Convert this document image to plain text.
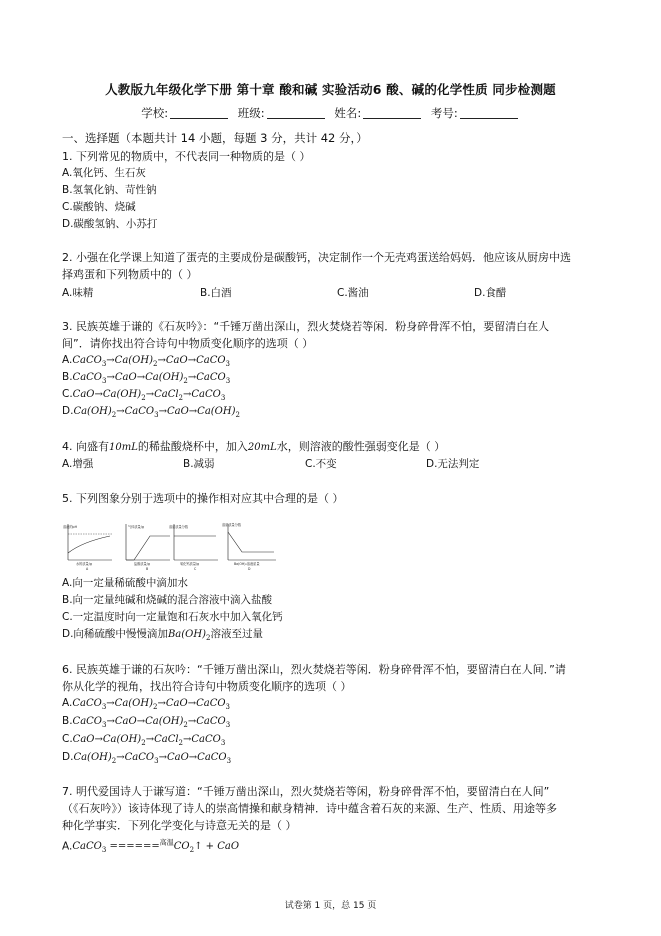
人教版九年级化学下册 第十章 酸和碱 实验活动6 酸、碱的化学性质 同步检测题
学校:	班级:	姓名:	考号:
一、选择题（本题共计 14 小题，每题 3 分，共计 42 分，）
1. 下列常见的物质中，不代表同一种物质的是（ ）
A.氧化钙、生石灰
B.氢氧化钠、苛性钠
C.碳酸钠、烧碱
D.碳酸氢钠、小苏打
2. 小强在化学课上知道了蛋壳的主要成份是碳酸钙，决定制作一个无壳鸡蛋送给妈妈．他应该从厨房中选
择鸡蛋和下列物质中的（ ）
A.味精	B.白酒	C.酱油	D.食醋
3. 民族英雄于谦的《石灰吟》：“千锤万凿出深山，烈火焚烧若等闲．粉身碎骨浑不怕，要留清白在人
间”．请你找出符合诗句中物质变化顺序的选项（ ）
$A.CaCO_3\to Ca(OH)_2\to CaO\to CaCO_3$
$B.CaCO_3\to CaO\to Ca(OH)_2\to CaCO_3$
$C.CaO\to Ca(OH)_2\to CaCl_2\to CaCO_3$
$D.Ca(OH)_2\to CaCO_3\to CaO\to Ca(OH)_2$
4. 向盛有10mL的稀盐酸烧杯中，加入20mL水，则溶液的酸性强弱变化是（ ）
A.增强	B.减弱	C.不变	D.无法判定
5. 下列图象分别于选项中的操作相对应其中合理的是（ ）
溶液的pH
水的质量/g
A
气体质量/g
盐酸质量/g
B
溶质质量分数
氧化钙质量/g
C
溶质质量分数
Ba(OH)₂溶液质量
D
A.向一定量稀硫酸中滴加水
B.向一定量纯碱和烧碱的混合溶液中滴入盐酸
C.一定温度时向一定量饱和石灰水中加入氧化钙
D.向稀硫酸中慢慢滴加$Ba(OH)_2$溶液至过量
6. 民族英雄于谦的石灰吟：“千锤万凿出深山，烈火焚烧若等闲．粉身碎骨浑不怕，要留清白在人间．”请
你从化学的视角，找出符合诗句中物质变化顺序的选项（ ）
$A.CaCO_3\to Ca(OH)_2\to CaO\to CaCO_3$
$B.CaCO_3\to CaO\to Ca(OH)_2\to CaCO_3$
$C.CaO\to Ca(OH)_2\to CaCl_2\to CaCO_3$
$D.Ca(OH)_2\to CaCO_3\to CaO\to CaCO_3$
7. 明代爱国诗人于谦写道：“千锤万凿出深山，烈火焚烧若等闲，粉身碎骨浑不怕，要留清白在人间”
（《石灰吟》）该诗体现了诗人的崇高情操和献身精神．诗中蕴含着石灰的来源、生产、性质、用途等多
种化学事实．下列化学变化与诗意无关的是（ ）
A.CaCO$_3$ $======^{高温}CO_2↑$ + CaO
试卷第 1 页，总 15 页
